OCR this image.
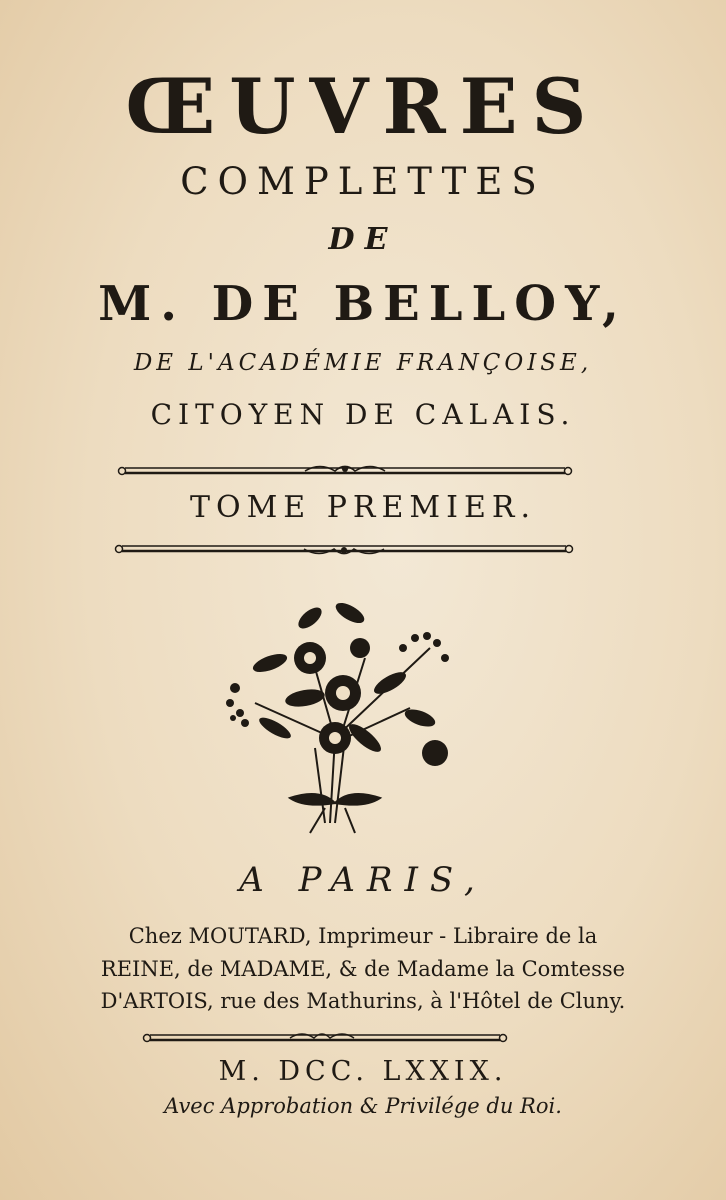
ŒUVRES
COMPLETTES
DE
M. DE BELLOY,
DE L'ACADÉMIE FRANÇOISE,
CITOYEN DE CALAIS.
TOME PREMIER.
A PARIS,
Chez MOUTARD, Imprimeur - Libraire de la
REINE, de MADAME, & de Madame la Comtesse
D'ARTOIS, rue des Mathurins, à l'Hôtel de Cluny.
M. DCC. LXXIX.
Avec Approbation & Privilége du Roi.
